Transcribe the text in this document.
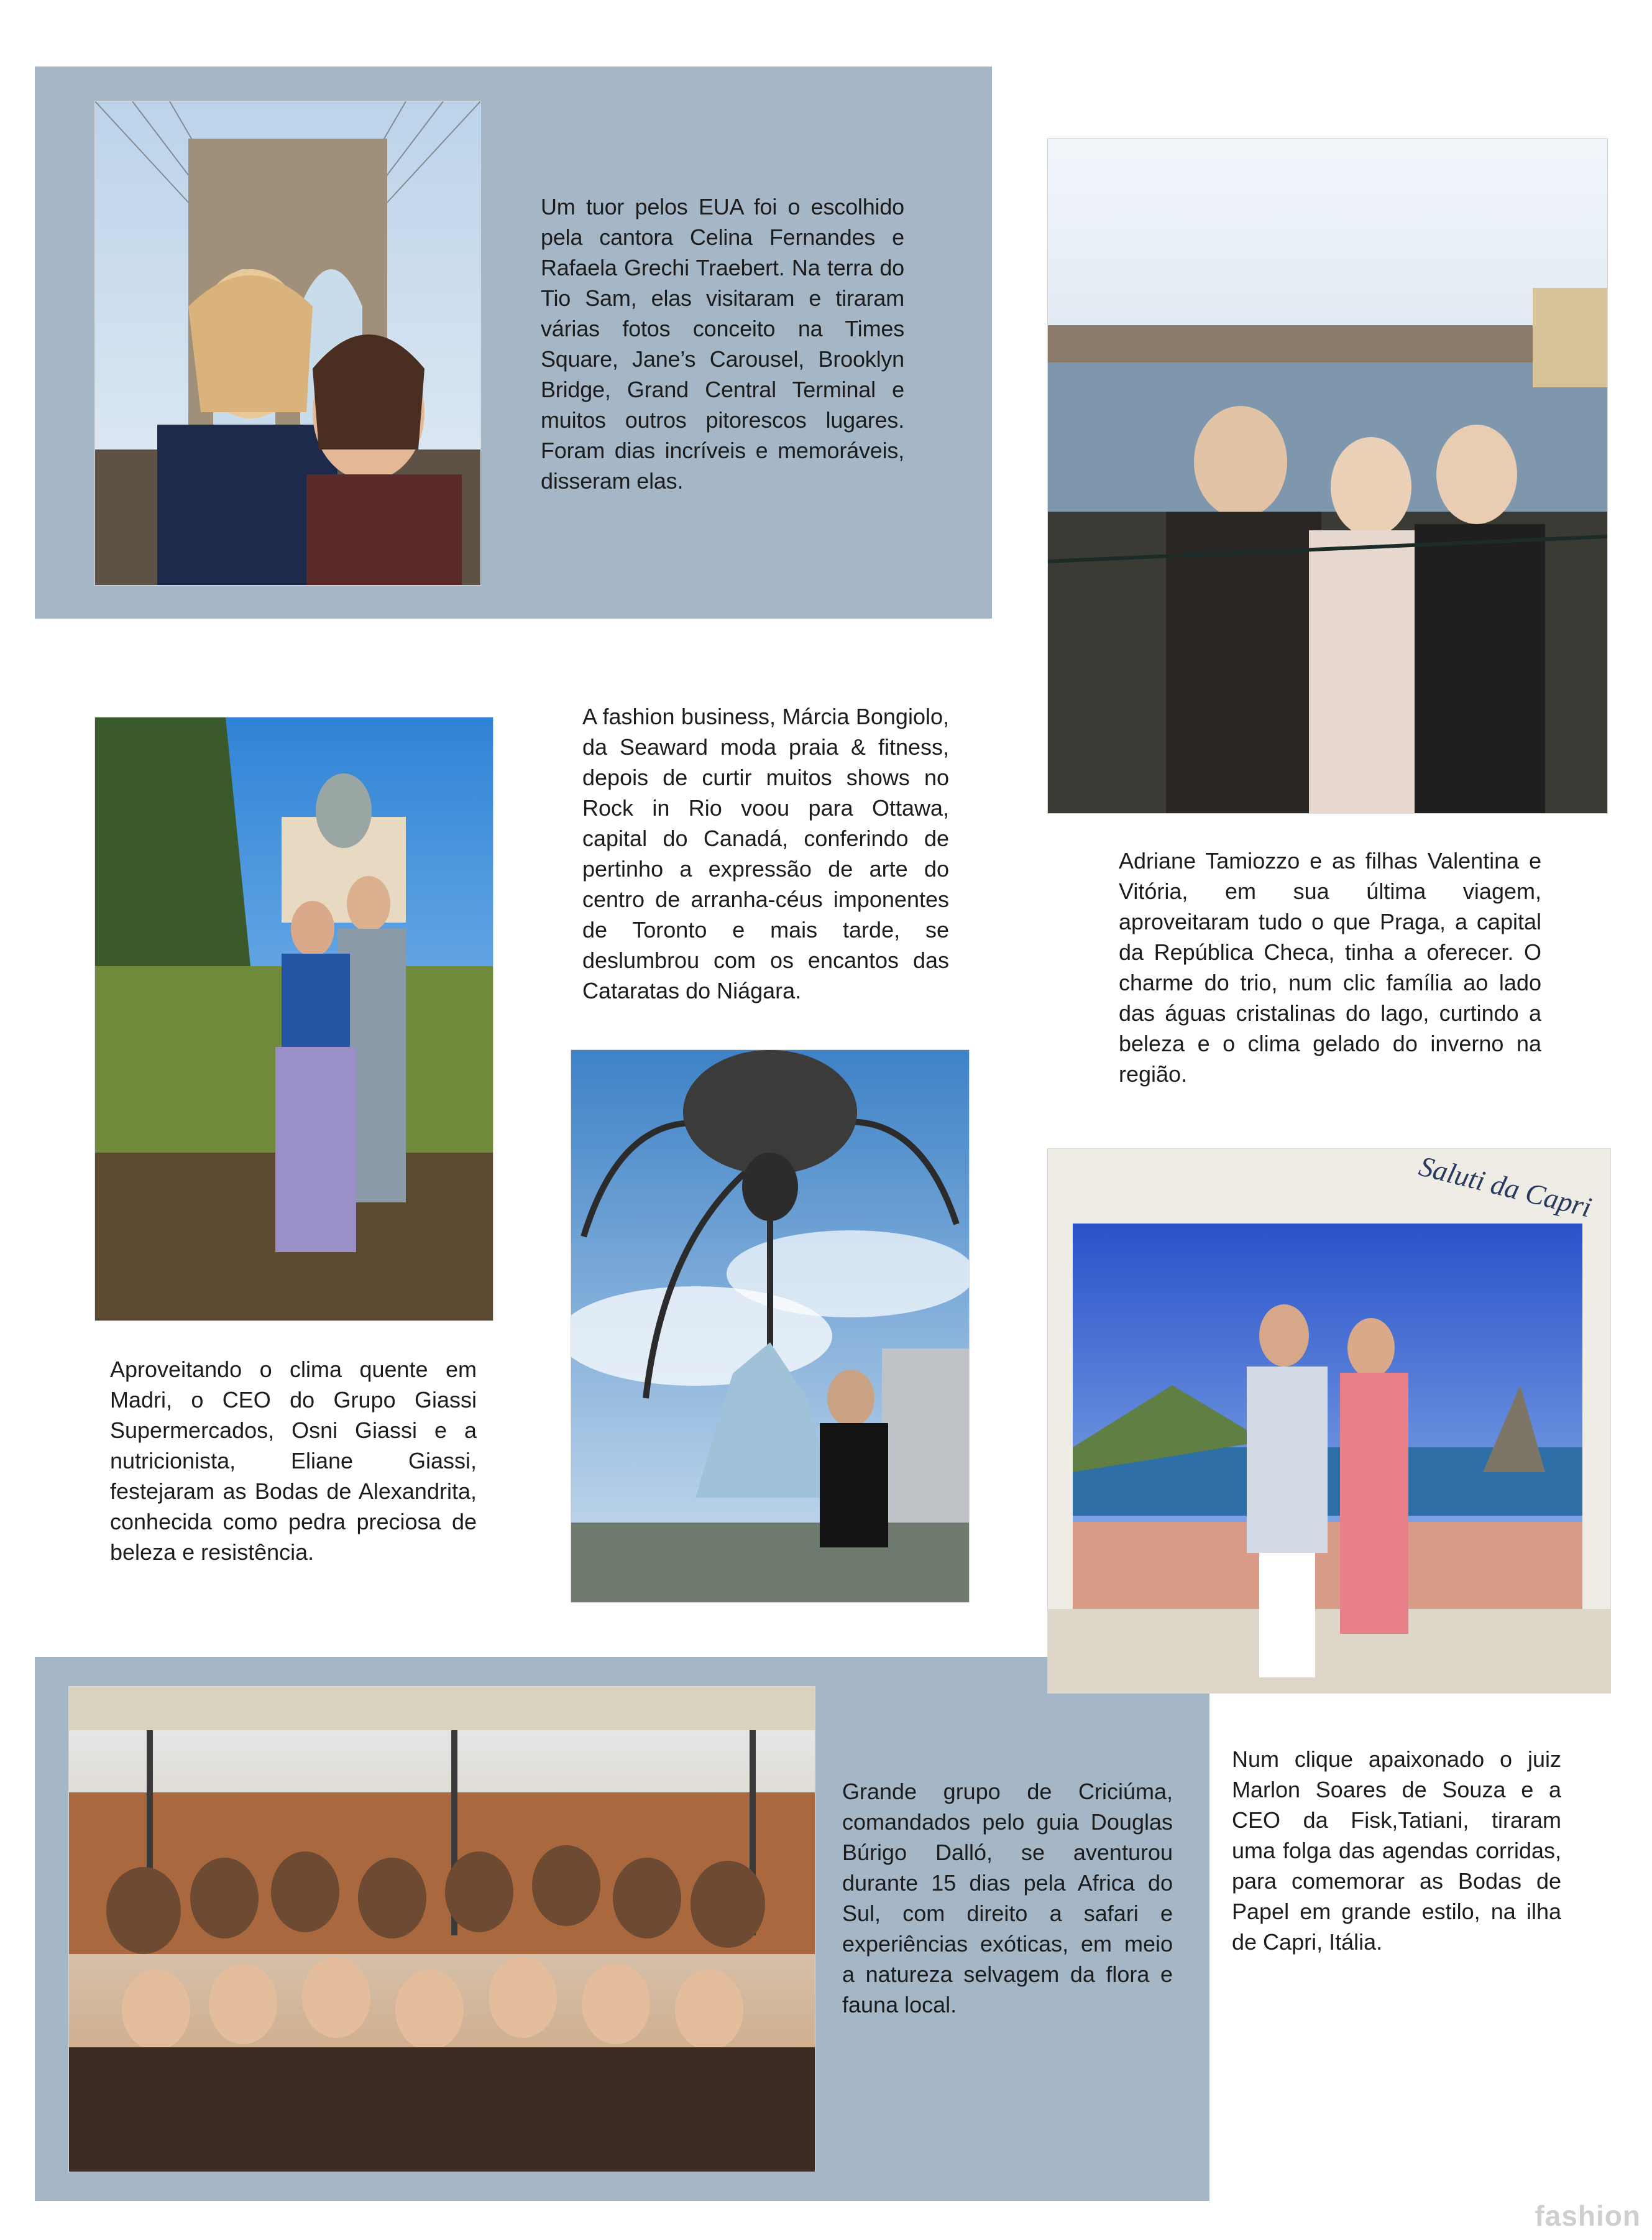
Um tuor pelos EUA foi o escolhido pela cantora Celina Fernandes e Rafaela Grechi Traebert. Na terra do Tio Sam, elas visitaram e tiraram várias fotos conceito na Times Square, Jane’s Carousel, Brooklyn Bridge, Grand Central Terminal e muitos outros pitorescos lugares. Foram dias incríveis e memoráveis, disseram elas.
A fashion business, Márcia Bongiolo, da Seaward moda praia & fitness, depois de curtir muitos shows no Rock in Rio voou para Ottawa, capital do Canadá, conferindo de pertinho a expressão de arte do centro de arranha-céus imponentes de Toronto e mais tarde, se deslumbrou com os encantos das Cataratas do Niágara.
Adriane Tamiozzo e as filhas Valentina e Vitória, em sua última viagem, aproveitaram tudo o que Praga, a capital da República Checa, tinha a oferecer. O charme do trio, num clic família ao lado das águas cristalinas do lago, curtindo a beleza e o clima gelado do inverno na região.
Aproveitando o clima quente em Madri, o CEO do Grupo Giassi Supermercados, Osni Giassi e a nutricionista, Eliane Giassi, festejaram as Bodas de Alexandrita, conhecida como pedra preciosa de beleza e resistência.
Saluti da Capri
Num clique apaixonado o juiz Marlon Soares de Souza e a CEO da Fisk,Tatiani, tiraram uma folga das agendas corridas, para comemorar as Bodas de Papel em grande estilo, na ilha de Capri, Itália.
Grande grupo de Criciúma, comandados pelo guia Douglas Búrigo Dalló, se aventurou durante 15 dias pela Africa do Sul, com direito a safari e experiências exóticas, em meio a natureza selvagem da flora e fauna local.
fashion
